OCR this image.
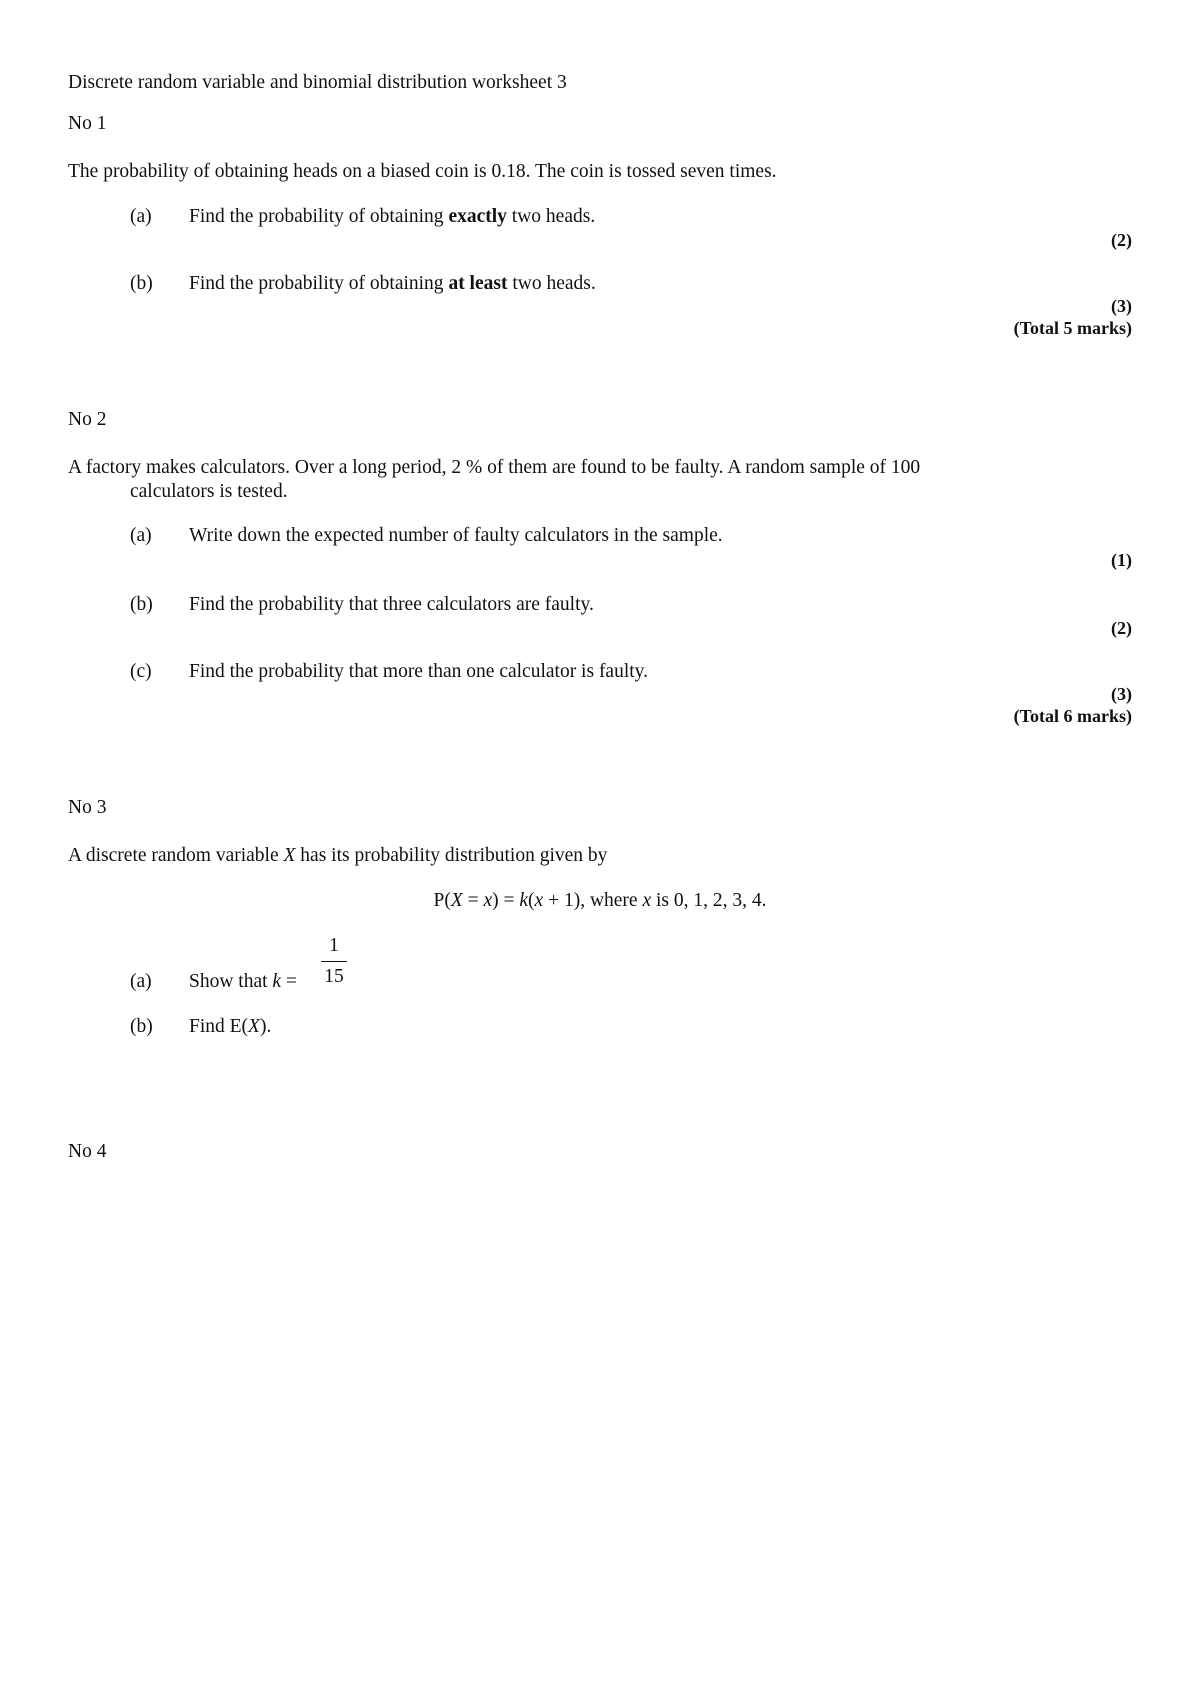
Discrete random variable and binomial distribution worksheet 3
No 1
The probability of obtaining heads on a biased coin is 0.18. The coin is tossed seven times.
(a) Find the probability of obtaining exactly two heads.
(2)
(b) Find the probability of obtaining at least two heads.
(3)
(Total 5 marks)
No 2
A factory makes calculators. Over a long period, 2 % of them are found to be faulty. A random sample of 100
calculators is tested.
(a) Write down the expected number of faulty calculators in the sample.
(1)
(b) Find the probability that three calculators are faulty.
(2)
(c) Find the probability that more than one calculator is faulty.
(3)
(Total 6 marks)
No 3
A discrete random variable X has its probability distribution given by
P(X = x) = k(x + 1), where x is 0, 1, 2, 3, 4.
(a) Show that k =
1
15
(b) Find E(X).
No 4
